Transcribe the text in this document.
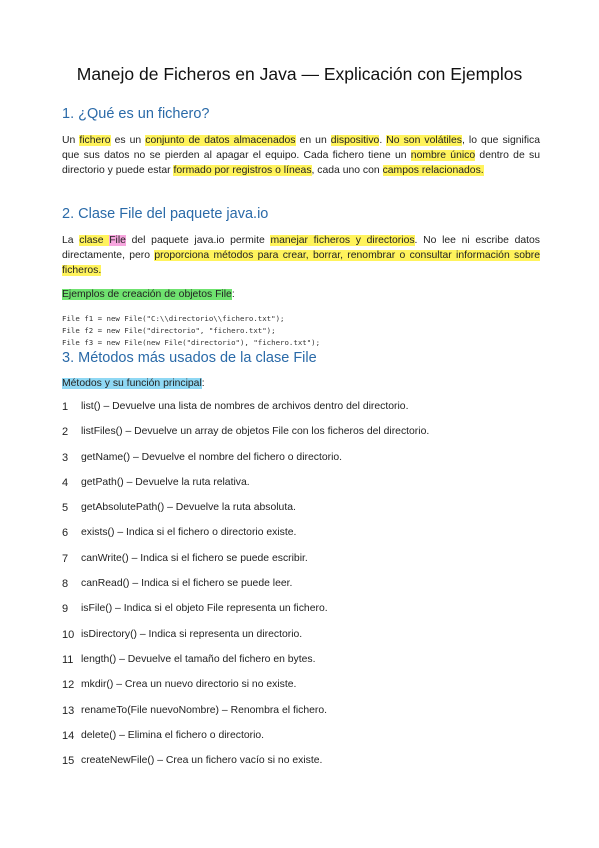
Manejo de Ficheros en Java — Explicación con Ejemplos
1. ¿Qué es un fichero?
Un fichero es un conjunto de datos almacenados en un dispositivo. No son volátiles, lo que significa que sus datos no se pierden al apagar el equipo. Cada fichero tiene un nombre único dentro de su directorio y puede estar formado por registros o líneas, cada uno con campos relacionados.
2. Clase File del paquete java.io
La clase File del paquete java.io permite manejar ficheros y directorios. No lee ni escribe datos directamente, pero proporciona métodos para crear, borrar, renombrar o consultar información sobre ficheros.
Ejemplos de creación de objetos File:
File f1 = new File("C:\\directorio\\fichero.txt");
File f2 = new File("directorio", "fichero.txt");
File f3 = new File(new File("directorio"), "fichero.txt");
3. Métodos más usados de la clase File
Métodos y su función principal:
1	list() – Devuelve una lista de nombres de archivos dentro del directorio.
2	listFiles() – Devuelve un array de objetos File con los ficheros del directorio.
3	getName() – Devuelve el nombre del fichero o directorio.
4	getPath() – Devuelve la ruta relativa.
5	getAbsolutePath() – Devuelve la ruta absoluta.
6	exists() – Indica si el fichero o directorio existe.
7	canWrite() – Indica si el fichero se puede escribir.
8	canRead() – Indica si el fichero se puede leer.
9	isFile() – Indica si el objeto File representa un fichero.
10 isDirectory() – Indica si representa un directorio.
11 length() – Devuelve el tamaño del fichero en bytes.
12 mkdir() – Crea un nuevo directorio si no existe.
13 renameTo(File nuevoNombre) – Renombra el fichero.
14 delete() – Elimina el fichero o directorio.
15 createNewFile() – Crea un fichero vacío si no existe.
